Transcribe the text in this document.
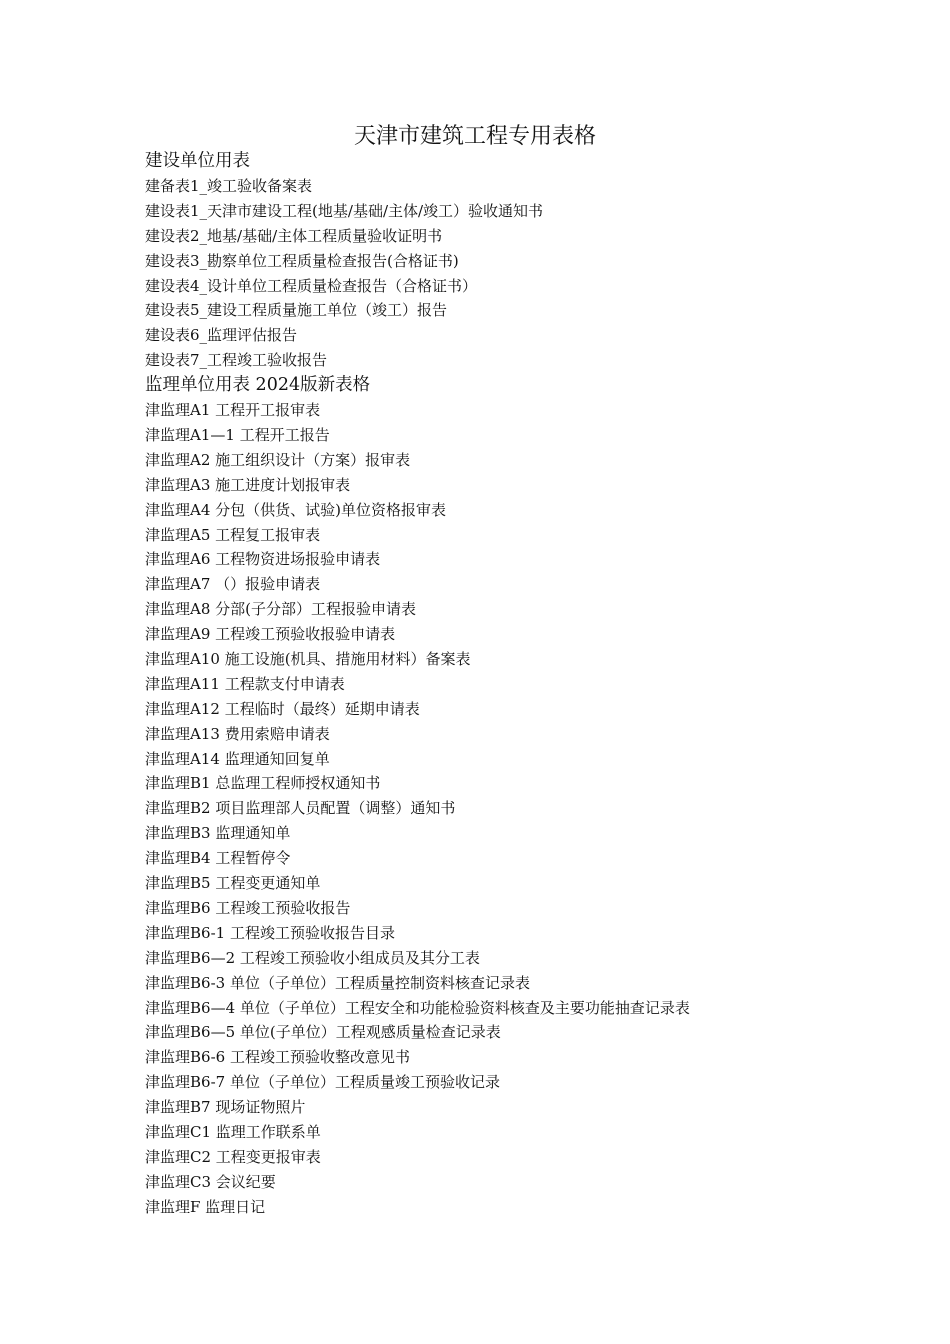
天津市建筑工程专用表格
建设单位用表
建备表1_竣工验收备案表
建设表1_天津市建设工程(地基/基础/主体/竣工）验收通知书
建设表2_地基/基础/主体工程质量验收证明书
建设表3_勘察单位工程质量检查报告(合格证书)
建设表4_设计单位工程质量检查报告（合格证书）
建设表5_建设工程质量施工单位（竣工）报告
建设表6_监理评估报告
建设表7_工程竣工验收报告
监理单位用表 2024版新表格
津监理A1 工程开工报审表
津监理A1—1 工程开工报告
津监理A2 施工组织设计（方案）报审表
津监理A3 施工进度计划报审表
津监理A4 分包（供货、试验)单位资格报审表
津监理A5 工程复工报审表
津监理A6 工程物资进场报验申请表
津监理A7 （）报验申请表
津监理A8 分部(子分部）工程报验申请表
津监理A9 工程竣工预验收报验申请表
津监理A10 施工设施(机具、措施用材料）备案表
津监理A11 工程款支付申请表
津监理A12 工程临时（最终）延期申请表
津监理A13 费用索赔申请表
津监理A14 监理通知回复单
津监理B1 总监理工程师授权通知书
津监理B2 项目监理部人员配置（调整）通知书
津监理B3 监理通知单
津监理B4 工程暂停令
津监理B5 工程变更通知单
津监理B6 工程竣工预验收报告
津监理B6-1 工程竣工预验收报告目录
津监理B6—2 工程竣工预验收小组成员及其分工表
津监理B6-3 单位（子单位）工程质量控制资料核查记录表
津监理B6—4 单位（子单位）工程安全和功能检验资料核查及主要功能抽查记录表
津监理B6—5 单位(子单位）工程观感质量检查记录表
津监理B6-6 工程竣工预验收整改意见书
津监理B6-7 单位（子单位）工程质量竣工预验收记录
津监理B7 现场证物照片
津监理C1 监理工作联系单
津监理C2 工程变更报审表
津监理C3 会议纪要
津监理F 监理日记
